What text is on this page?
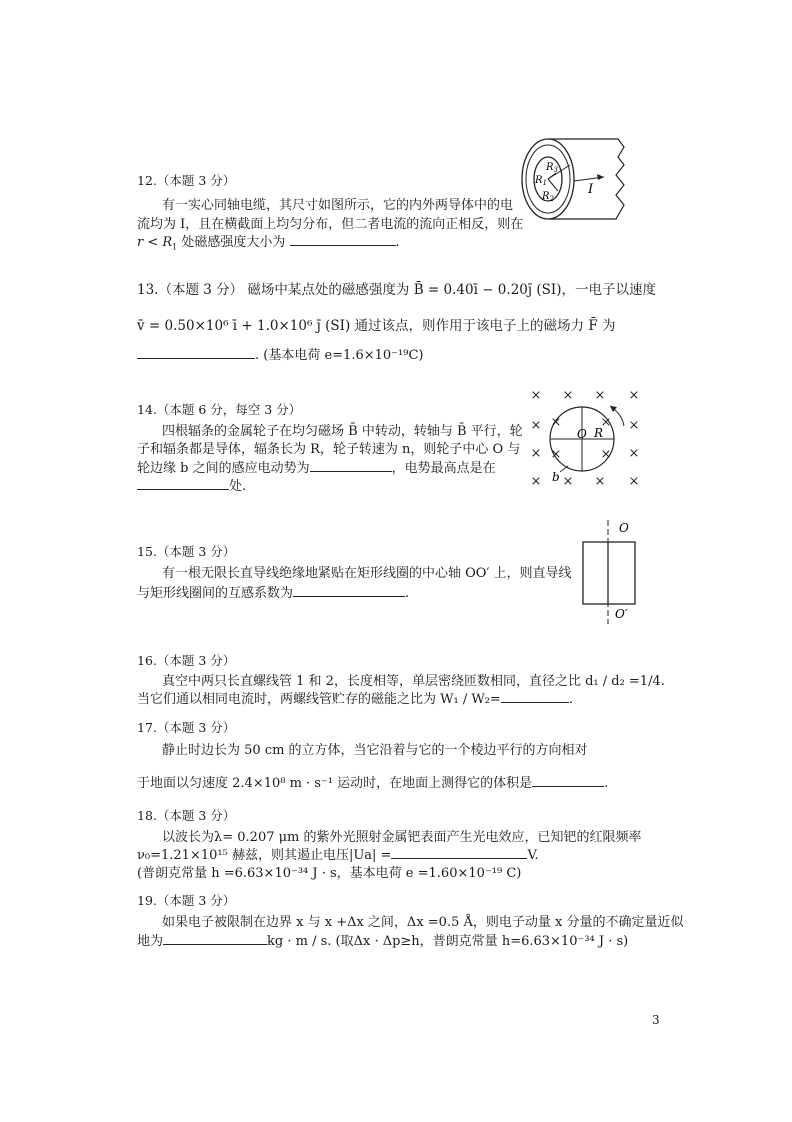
12.（本题 3 分）
有一实心同轴电缆，其尺寸如图所示，它的内外两导体中的电
流均为 I，且在横截面上均匀分布，但二者电流的流向正相反，则在
$r < R_1$ 处磁感强度大小为	.
$R_3$
$R_1$
$R_2$
I
13.（本题 3 分） 磁场中某点处的磁感强度为 B̄ = 0.40ī − 0.20j̄ (SI)，一电子以速度
v̄ = 0.50×10⁶ ī + 1.0×10⁶ j̄ (SI) 通过该点，则作用于该电子上的磁场力 F̄ 为
. (基本电荷 e=1.6×10⁻¹⁹C)
14.（本题 6 分，每空 3 分）
四根辐条的金属轮子在均匀磁场 B̄ 中转动，转轴与 B̄ 平行，轮
子和辐条都是导体，辐条长为 R，轮子转速为 n，则轮子中心 O 与
轮边缘 b 之间的感应电动势为	，电势最高点是在
处.
× × × ×
×	×
×	×
× × × ×
×	×
×	×
O R
b
15.（本题 3 分）
有一根无限长直导线绝缘地紧贴在矩形线圈的中心轴 OO′ 上，则直导线
与矩形线圈间的互感系数为	.
O
O′
16.（本题 3 分）
真空中两只长直螺线管 1 和 2，长度相等，单层密绕匝数相同，直径之比 d₁ / d₂ =1/4.
当它们通以相同电流时，两螺线管贮存的磁能之比为 W₁ / W₂=	.
17.（本题 3 分）
静止时边长为 50 cm 的立方体，当它沿着与它的一个棱边平行的方向相对
于地面以匀速度 2.4×10⁸ m · s⁻¹ 运动时，在地面上测得它的体积是	.
18.（本题 3 分）
以波长为λ= 0.207 μm 的紫外光照射金属钯表面产生光电效应，已知钯的红限频率
ν₀=1.21×10¹⁵ 赫兹，则其遏止电压|Ua| =	V.
(普朗克常量 h =6.63×10⁻³⁴ J · s，基本电荷 e =1.60×10⁻¹⁹ C)
19.（本题 3 分）
如果电子被限制在边界 x 与 x +Δx 之间，Δx =0.5 Å，则电子动量 x 分量的不确定量近似
地为	kg · m / s. (取Δx · Δp≥h，普朗克常量 h=6.63×10⁻³⁴ J · s)
3
